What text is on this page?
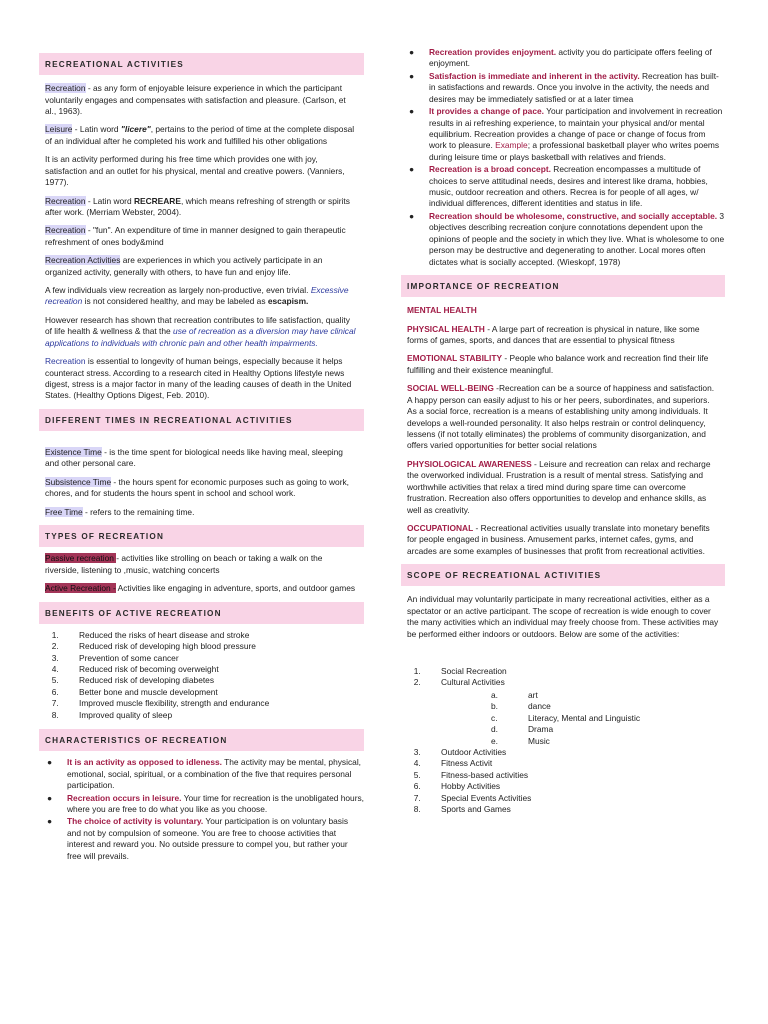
RECREATIONAL ACTIVITIES

Recreation - as any form of enjoyable leisure experience in which the participant voluntarily engages and compensates with satisfaction and pleasure. (Carlson, et al., 1963).

Leisure - Latin word "licere", pertains to the period of time at the complete disposal of an individual after he completed his work and fulfilled his other obligations

It is an activity performed during his free time which provides one with joy, satisfaction and an outlet for his physical, mental and creative powers. (Vanniers, 1977).

Recreation - Latin word RECREARE, which means refreshing of strength or spirits after work. (Merriam Webster, 2004).

Recreation - "fun". An expenditure of time in manner designed to gain therapeutic refreshment of ones body&mind

Recreation Activities are experiences in which you actively participate in an organized activity, generally with others, to have fun and enjoy life.

A few individuals view recreation as largely non-productive, even trivial. Excessive recreation is not considered healthy, and may be labeled as escapism.

However research has shown that recreation contributes to life satisfaction, quality of life health & wellness & that the use of recreation as a diversion may have clinical applications to individuals with chronic pain and other health impairments.

Recreation is essential to longevity of human beings, especially because it helps counteract stress. According to a research cited in Healthy Options lifestyle news digest, stress is a major factor in many of the leading causes of death in the United States. (Healthy Options Digest, Feb. 2010).

DIFFERENT TIMES IN RECREATIONAL ACTIVITIES

Existence Time - is the time spent for biological needs like having meal, sleeping and other personal care.

Subsistence Time - the hours spent for economic purposes such as going to work, chores, and for students the hours spent in school and school work.

Free Time - refers to the remaining time.

TYPES OF RECREATION

Passive recreation - activities like strolling on beach or taking a walk on the riverside, listening to ,music, watching concerts

Active Recreation - Activities like engaging in adventure, sports, and outdoor games

BENEFITS OF ACTIVE RECREATION
1. Reduced the risks of heart disease and stroke
2. Reduced risk of developing high blood pressure
3. Prevention of some cancer
4. Reduced risk of becoming overweight
5. Reduced risk of developing diabetes
6. Better bone and muscle development
7. Improved muscle flexibility, strength and endurance
8. Improved quality of sleep
CHARACTERISTICS OF RECREATION
● It is an activity as opposed to idleness. The activity may be mental, physical, emotional, social, spiritual, or a combination of the five that requires personal participation.
● Recreation occurs in leisure. Your time for recreation is the unobligated hours, where you are free to do what you like as you choose.
● The choice of activity is voluntary. Your participation is on voluntary basis and not by compulsion of someone. You are free to choose activities that interest and reward you. No outside pressure to compel you, but rather your free will prevails.
● Recreation provides enjoyment. activity you do participate offers feeling of enjoyment.
● Satisfaction is immediate and inherent in the activity. Recreation has built-in satisfactions and rewards. Once you involve in the activity, the needs and desires may be immediately satisfied or at a later timea
● It provides a change of pace. Your participation and involvement in recreation results in ai refreshing experience, to maintain your physical and/or mental equilibrium. Recreation provides a change of pace or change of focus from work to pleasure. Example; a professional basketball player who writes poems during leisure time or plays basketball with relatives and friends.
● Recreation is a broad concept. Recreation encompasses a multitude of choices to serve attitudinal needs, desires and interest like drama, hobbies, music, outdoor recreation and others. Recrea is for people of all ages, w/ individual differences, different identities and status in life.
● Recreation should be wholesome, constructive, and socially acceptable. 3 objectives describing recreation conjure connotations dependent upon the opinions of people and the society in which they live. What is wholesome to one person may be destructive and degenerating to another. Local mores often dictates what is socially accepted. (Wieskopf, 1978)
IMPORTANCE OF RECREATION

MENTAL HEALTH

PHYSICAL HEALTH - A large part of recreation is physical in nature, like some forms of games, sports, and dances that are essential to physical fitness

EMOTIONAL STABILITY - People who balance work and recreation find their life fulfilling and their existence meaningful.

SOCIAL WELL-BEING -Recreation can be a source of happiness and satisfaction. A happy person can easily adjust to his or her peers, subordinates, and superiors. As a social force, recreation is a means of establishing unity among individuals. It develops a well-rounded personality. It also helps restrain or control delinquency, lessens (if not totally eliminates) the problems of community disorganization, and offers varied opportunities for better social relations

PHYSIOLOGICAL AWARENESS - Leisure and recreation can relax and recharge the overworked individual. Frustration is a result of mental stress. Satisfying and worthwhile activities that relax a tired mind during spare time can overcome frustration. Recreation also offers opportunities to develop and enhance skills, as well as creativity.

OCCUPATIONAL - Recreational activities usually translate into monetary benefits for people engaged in business. Amusement parks, internet cafes, gyms, and arcades are some examples of businesses that profit from recreational activities.

SCOPE OF RECREATIONAL ACTIVITIES

An individual may voluntarily participate in many recreational activities, either as a spectator or an active participant. The scope of recreation is wide enough to cover the many activities which an individual may freely choose from. These activities may be performed either indoors or outdoors. Below are some of the activities:

1. Social Recreation
2. Cultural Activities
a.	art
b.	dance
c.	Literacy, Mental and Linguistic
d.	Drama
e.	Music
3. Outdoor Activities
4. Fitness Activit
5. Fitness-based activities
6. Hobby Activities
7. Special Events Activities
8. Sports and Games
